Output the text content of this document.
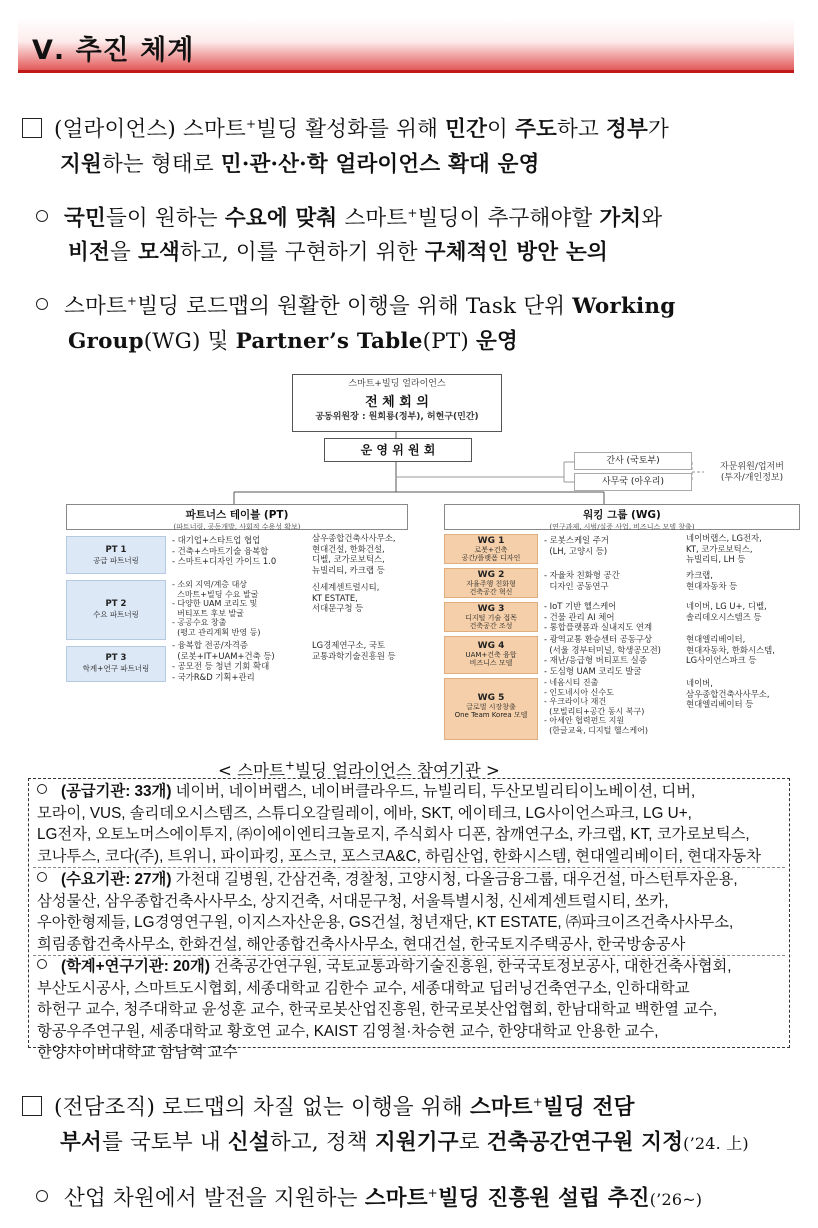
Ⅴ. 추진 체계
(얼라이언스) 스마트+빌딩 활성화를 위해 민간이 주도하고 정부가
지원하는 형태로 민·관·산·학 얼라이언스 확대 운영
국민들이 원하는 수요에 맞춰 스마트+빌딩이 추구해야할 가치와
비전을 모색하고, 이를 구현하기 위한 구체적인 방안 논의
스마트+빌딩 로드맵의 원활한 이행을 위해 Task 단위 Working
Group(WG) 및 Partner’s Table(PT) 운영
스마트+빌딩 얼라이언스
전 체 회 의
공동위원장 : 원희룡(정부), 허현구(민간)
운 영 위 원 회
간사 (국토부)
사무국 (아우리)
자문위원/업저버
(투자/개인정보)
파트너스 테이블 (PT)
(파트너링, 공동개발, 사회적 수용성 확보)
워킹 그룹 (WG)
(연구과제, 시범/실증 사업, 비즈니스 모델 창출)
PT 1
공급 파트너링
- 대기업+스타트업 협업
- 건축+스마트기술 융복합
- 스마트+디자인 가이드 1.0
삼우종합건축사사무소,
현대건설, 한화건설,
디벨, 코가로보틱스,
뉴빌리티, 카크랩 등
PT 2
수요 파트너링
- 소외 지역/계층 대상
스마트+빌딩 수요 발굴
- 다양한 UAM 코리도 및
버티포트 후보 발굴
- 공공수요 창출
(평고 관리계획 반영 등)
신세계센트럴시티,
KT ESTATE,
서대문구청 등
PT 3
학계+연구 파트너링
- 융복합 전공/자격증
(로봇+IT+UAM+건축 등)
- 공모전 등 청년 기회 확대
- 국가R&D 기획+관리
LG경제연구소, 국토
교통과학기술진흥원 등
WG 1
로봇+건축
공간/플랫폼 디자인
- 로봇스케일 주거
(LH, 고양시 등)
네이버랩스, LG전자,
KT, 코가로보틱스,
뉴빌리티, LH 등
WG 2
자율주행 친화형
건축공간 혁신
- 자율차 친화형 공간
디자인 공동연구
카크랩,
현대자동차 등
WG 3
디지털 기술 접목
건축공간 조성
- IoT 기반 헬스케어
- 건물 관리 AI 체어
- 통합플랫폼과 실내지도 연계
네이버, LG U+, 디벨,
솔리데오시스템즈 등
WG 4
UAM+건축 융합
비즈니스 모델
- 광역교통 환승센터 공동구상
(서울 경부터미널, 학생공모전)
- 재난/응급형 버티포트 실증
- 도심형 UAM 코리도 발굴
현대엘리베이터,
현대자동차, 한화시스템,
LG사이언스파크 등
WG 5
글로벌 시장창출
One Team Korea 모델
- 네옴시티 진출
- 인도네시아 신수도
- 우크라이나 재건
(모빌리티+공간 동시 복구)
- 아세안 협력펀드 지원
(한글교육, 디지털 헬스케어)
네이버,
삼우종합건축사사무소,
현대엘리베이터 등
< 스마트+빌딩 얼라이언스 참여기관 >
(공급기관: 33개) 네이버, 네이버랩스, 네이버클라우드, 뉴빌리티, 두산모빌리티이노베이션, 디버,
모라이, VUS, 솔리데오시스템즈, 스튜디오갈릴레이, 에바, SKT, 에이테크, LG사이언스파크, LG U+,
LG전자, 오토노머스에이투지, ㈜이에이엔티크놀로지, 주식회사 디폰, 참깨연구소, 카크랩, KT, 코가로보틱스,
코나투스, 코다(주), 트위니, 파이파킹, 포스코, 포스코A&C, 하림산업, 한화시스템, 현대엘리베이터, 현대자동차
(수요기관: 27개) 가천대 길병원, 간삼건축, 경찰청, 고양시청, 다올금융그룹, 대우건설, 마스턴투자운용,
삼성물산, 삼우종합건축사사무소, 상지건축, 서대문구청, 서울특별시청, 신세계센트럴시티, 쏘카,
우아한형제들, LG경영연구원, 이지스자산운용, GS건설, 청년재단, KT ESTATE, ㈜파크이즈건축사사무소,
희림종합건축사무소, 한화건설, 해안종합건축사사무소, 현대건설, 한국토지주택공사, 한국방송공사
(학계+연구기관: 20개) 건축공간연구원, 국토교통과학기술진흥원, 한국국토정보공사, 대한건축사협회,
부산도시공사, 스마트도시협회, 세종대학교 김한수 교수, 세종대학교 딥러닝건축연구소, 인하대학교
하헌구 교수, 청주대학교 윤성훈 교수, 한국로봇산업진흥원, 한국로봇산업협회, 한남대학교 백한열 교수,
항공우주연구원, 세종대학교 황호연 교수, KAIST 김영철·차승현 교수, 한양대학교 안용한 교수,
한양사이버대학교 함남혁 교수
(전담조직) 로드맵의 차질 없는 이행을 위해 스마트+빌딩 전담
부서를 국토부 내 신설하고, 정책 지원기구로 건축공간연구원 지정(’24. 上)
산업 차원에서 발전을 지원하는 스마트+빌딩 진흥원 설립 추진(’26~)
